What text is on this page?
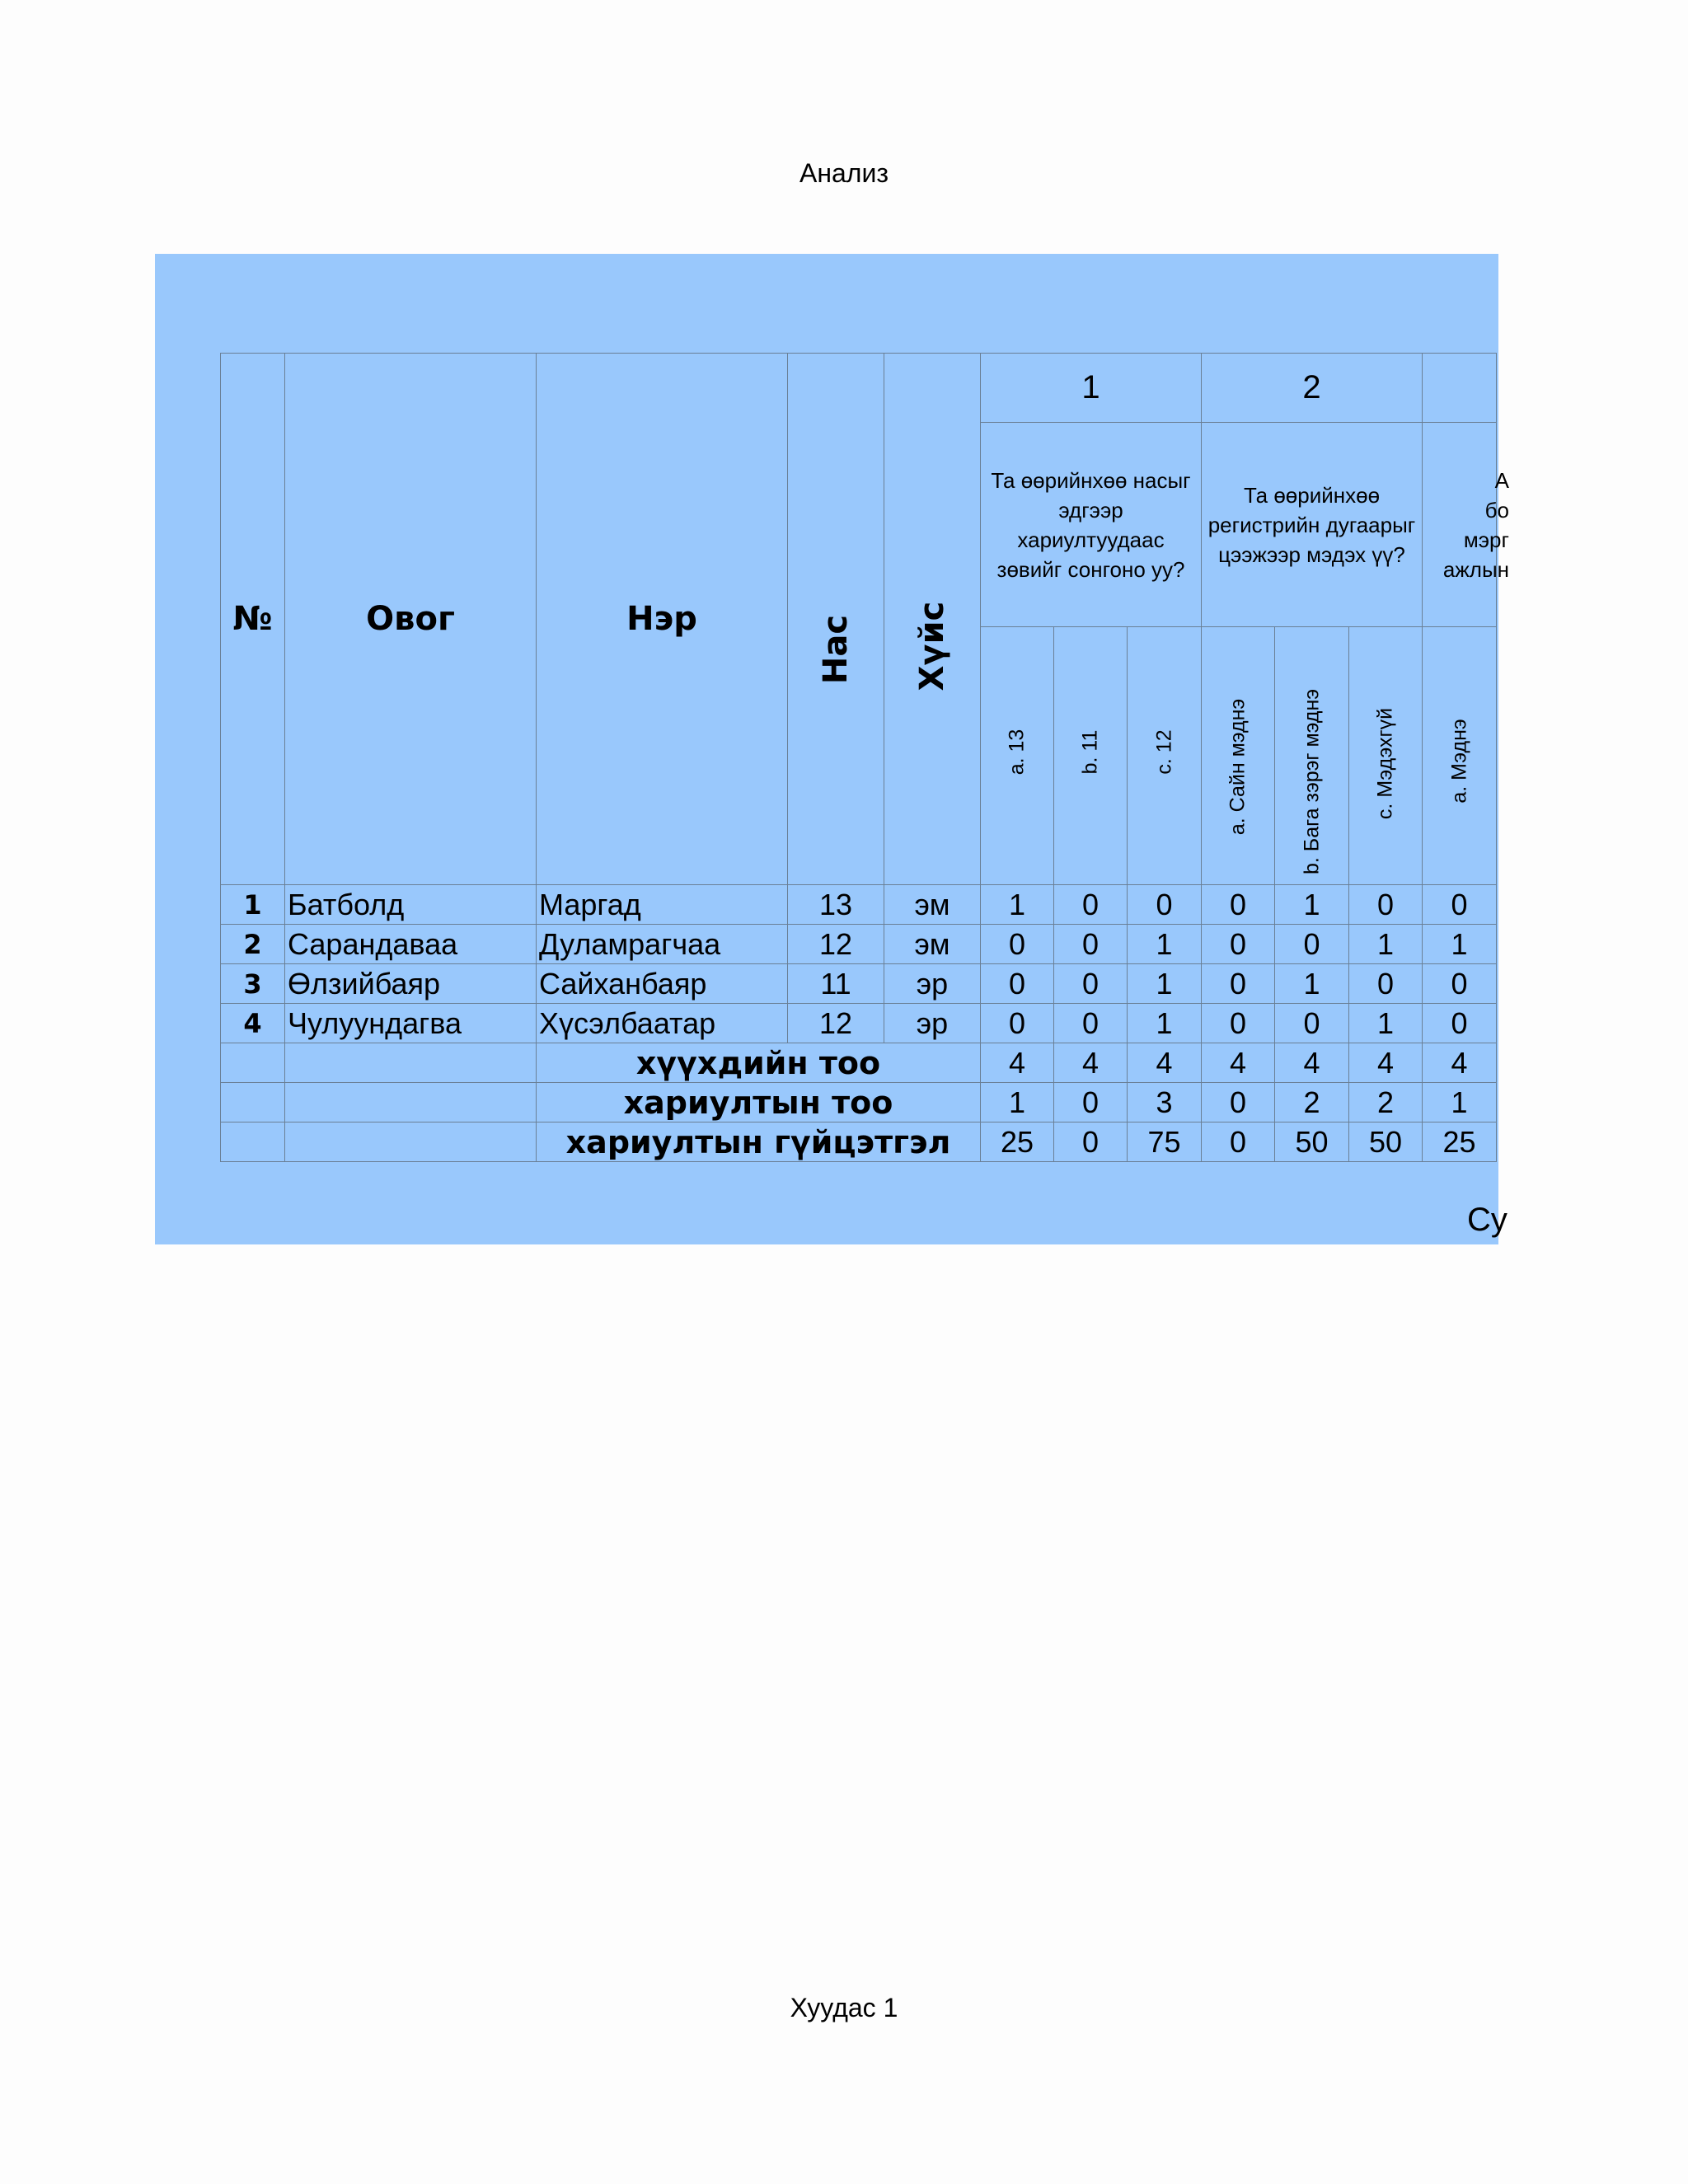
Анализ
№	Овог	Нэр	Нас	Хүйс	1			2			
					Та өөрийнхөө насыг эдгээр хариултуудаас зөвийг сонгоно уу?			Та өөрийнхөө регистрийн дугаарыг цээжээр мэдэх үү?			А
бо
мэрг
ажлын

					a. 13	b. 11	c. 12	a. Сайн мэднэ	b. Бага зэрэг мэднэ	c. Мэдэхгүй	a. Мэднэ

1	Батболд	Маргад	13	эм	1	0	0	0	1	0	0
2	Сарандаваа	Дуламрагчаа	12	эм	0	0	1	0	0	1	1
3	Өлзийбаяр	Сайханбаяр	11	эр	0	0	1	0	1	0	0
4	Чулуундагва	Хүсэлбаатар	12	эр	0	0	1	0	0	1	0
		хүүхдийн тоо			4	4	4	4	4	4	4
		хариултын тоо			1	0	3	0	2	2	1
		хариултын гүйцэтгэл			25	0	75	0	50	50	25
Су
Хуудас 1
